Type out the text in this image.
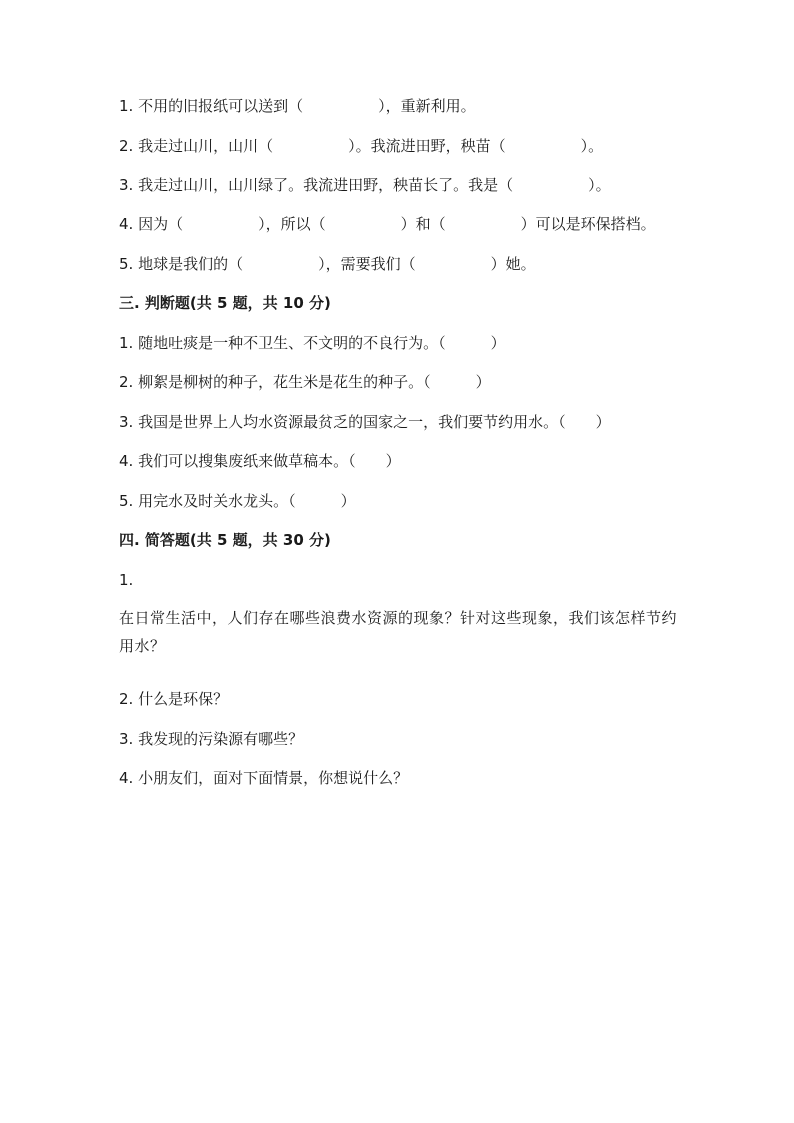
1. 不用的旧报纸可以送到（　　　　　），重新利用。
2. 我走过山川，山川（　　　　　）。我流进田野，秧苗（　　　　　）。
3. 我走过山川，山川绿了。我流进田野，秧苗长了。我是（　　　　　）。
4. 因为（　　　　　），所以（　　　　　）和（　　　　　）可以是环保搭档。
5. 地球是我们的（　　　　　），需要我们（　　　　　）她。
三. 判断题(共 5 题，共 10 分)
1. 随地吐痰是一种不卫生、不文明的不良行为。（　　　）
2. 柳絮是柳树的种子，花生米是花生的种子。（　　　）
3. 我国是世界上人均水资源最贫乏的国家之一，我们要节约用水。（　　）
4. 我们可以搜集废纸来做草稿本。（　　）
5. 用完水及时关水龙头。（　　　）
四. 简答题(共 5 题，共 30 分)
1.
在日常生活中，人们存在哪些浪费水资源的现象？针对这些现象，我们该怎样节约用水？
2. 什么是环保？
3. 我发现的污染源有哪些？
4. 小朋友们，面对下面情景，你想说什么？
